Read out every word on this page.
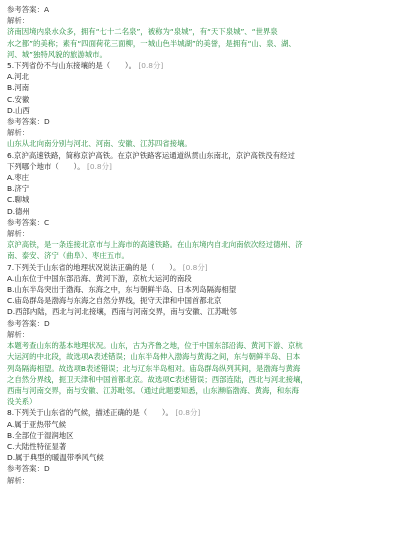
参考答案：A
解析：
济南因境内泉水众多，拥有“七十二名泉”，被称为“泉城”，有“天下泉城”、“世界泉
水之都”的美称；素有“四面荷花三面柳，一城山色半城湖”的美誉，是拥有“山、泉、湖、
河、城”独特风貌的旅游城市。
5.下列省份不与山东接壤的是（　　）。 [0.8分]
A.河北
B.河南
C.安徽
D.山西
参考答案：D
解析：
山东从北向南分别与河北、河南、安徽、江苏四省接壤。
6.京沪高速铁路，简称京沪高铁。在京沪铁路客运通道纵贯山东南北，京沪高铁没有经过
下列哪个地市（　　）。 [0.8分]
A.枣庄
B.济宁
C.聊城
D.德州
参考答案：C
解析：
京沪高铁，是一条连接北京市与上海市的高速铁路。在山东境内自北向南依次经过德州、济
南、泰安、济宁（曲阜）、枣庄五市。
7.下列关于山东省的地理状况说法正确的是（　　）。 [0.8分]
A.山东位于中国东部沿海、黄河下游，京杭大运河的南段
B.山东半岛突出于渤海、东海之中，东与朝鲜半岛、日本列岛隔海相望
C.庙岛群岛是渤海与东海之自然分界线，扼守天津和中国首都北京
D.西部内陆，西北与河北接壤，西南与河南交界，南与安徽、江苏毗邻
参考答案：D
解析：
本题考查山东的基本地理状况。山东，古为齐鲁之地，位于中国东部沿海、黄河下游、京杭
大运河的中北段，故选项A表述错误；山东半岛伸入渤海与黄海之间，东与朝鲜半岛、日本
列岛隔海相望。故选项B表述错误；北与辽东半岛相对。庙岛群岛纵列其间，是渤海与黄海
之自然分界线，扼卫天津和中国首都北京。故选项C表述错误；西部连陆，西北与河北接壤，
西南与河南交界，南与安徽、江苏毗邻。（通过此题要知悉，山东濒临渤海、黄海，和东海
没关系）
8.下列关于山东省的气候，描述正确的是（　　）。 [0.8分]
A.属于亚热带气候
B.全部位于湿润地区
C.大陆性特征显著
D.属于典型的暖温带季风气候
参考答案：D
解析：
